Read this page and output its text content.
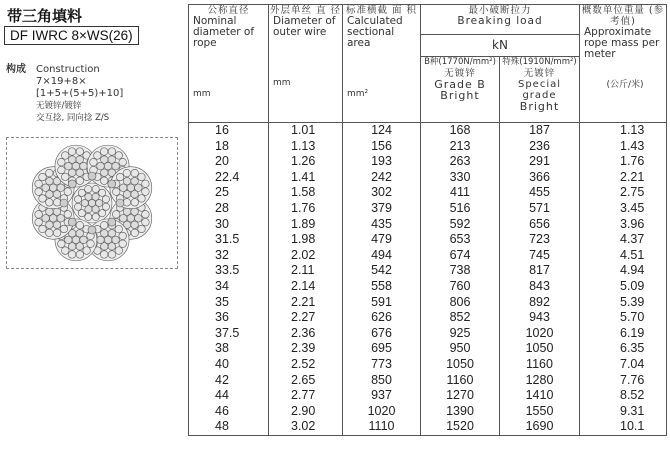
带三角填料
DF IWRC 8×WS(26)
构成 Construction
7×19+8×
[1+5+(5+5)+10]
无镀锌/镀锌
交互捻, 同向捻 Z/S
公称直径
Nominal diameter of rope
mm	外层单丝 直 径
Diameter of outer wire
mm	标准横截 面 积
Calculated sectional area
mm²	最小破断拉力
Breaking load		概数单位重量 (参考值)
Approximate rope mass per meter
(公斤/米)

			kN		

			B种(1770N/mm²)
无镀锌
Grade B
Bright	特殊(1910N/mm²)
无镀锌
Special grade
Bright	

16	1.01	124	168	187	1.13
18	1.13	156	213	236	1.43
20	1.26	193	263	291	1.76
22.4	1.41	242	330	366	2.21
25	1.58	302	411	455	2.75
28	1.76	379	516	571	3.45
30	1.89	435	592	656	3.96
31.5	1.98	479	653	723	4.37
32	2.02	494	674	745	4.51
33.5	2.11	542	738	817	4.94
34	2.14	558	760	843	5.09
35	2.21	591	806	892	5.39
36	2.27	626	852	943	5.70
37.5	2.36	676	925	1020	6.19
38	2.39	695	950	1050	6.35
40	2.52	773	1050	1160	7.04
42	2.65	850	1160	1280	7.76
44	2.77	937	1270	1410	8.52
46	2.90	1020	1390	1550	9.31
48	3.02	1110	1520	1690	10.1
